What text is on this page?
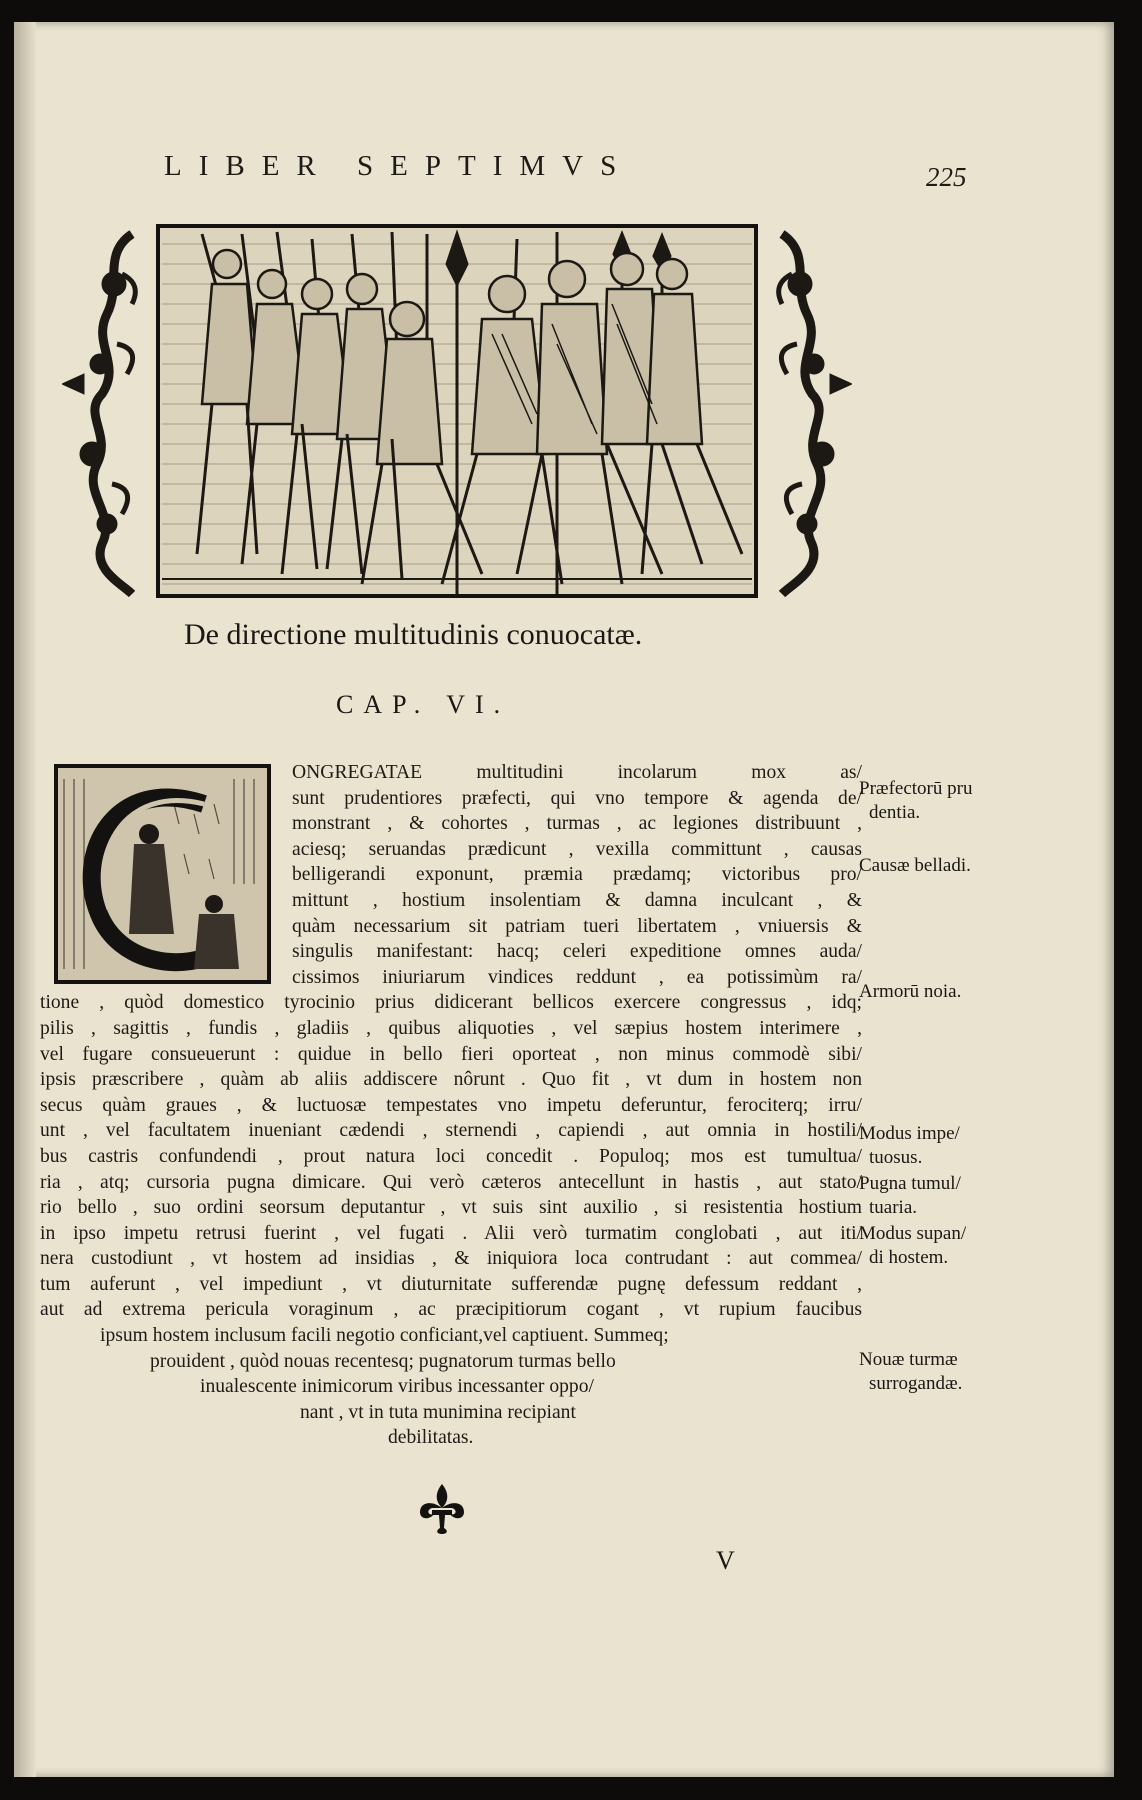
LIBER SEPTIMVS	225
De directione multitudinis conuocatæ.
CAP. VI.
ONGREGATAE multitudini incolarum mox as/
sunt prudentiores præfecti, qui vno tempore & agenda de/
monstrant , & cohortes , turmas , ac legiones distribuunt ,
aciesq; seruandas prædicunt , vexilla committunt , causas
belligerandi exponunt, præmia prædamq; victoribus pro/
mittunt , hostium insolentiam & damna inculcant , &
quàm necessarium sit patriam tueri libertatem , vniuersis &
singulis manifestant: hacq; celeri expeditione omnes auda/
cissimos iniuriarum vindices reddunt , ea potissimùm ra/
tione , quòd domestico tyrocinio prius didicerant bellicos exercere congressus , idq;
pilis , sagittis , fundis , gladiis , quibus aliquoties , vel sæpius hostem interimere ,
vel fugare consueuerunt : quidue in bello fieri oporteat , non minus commodè sibi/
ipsis præscribere , quàm ab aliis addiscere nôrunt . Quo fit , vt dum in hostem non
secus quàm graues , & luctuosæ tempestates vno impetu deferuntur, ferociterq; irru/
unt , vel facultatem inueniant cædendi , sternendi , capiendi , aut omnia in hostili/
bus castris confundendi , prout natura loci concedit . Populoq; mos est tumultua/
ria , atq; cursoria pugna dimicare. Qui verò cæteros antecellunt in hastis , aut stato/
rio bello , suo ordini seorsum deputantur , vt suis sint auxilio , si resistentia hostium
in ipso impetu retrusi fuerint , vel fugati . Alii verò turmatim conglobati , aut iti/
nera custodiunt , vt hostem ad insidias , & iniquiora loca contrudant : aut commea/
tum auferunt , vel impediunt , vt diuturnitate sufferendæ pugnę defessum reddant ,
aut ad extrema pericula voraginum , ac præcipitiorum cogant , vt rupium faucibus
ipsum hostem inclusum facili negotio conficiant,vel captiuent. Summeq;
prouident , quòd nouas recentesq; pugnatorum turmas bello
inualescente inimicorum viribus incessanter oppo/
nant , vt in tuta munimina recipiant
debilitatas.
Præfectorū pru
dentia.
Causæ belladi.
Armorū noia.
Modus impe/
tuosus.
Pugna tumul/
tuaria.
Modus supan/
di hostem.
Nouæ turmæ
surrogandæ.
V
